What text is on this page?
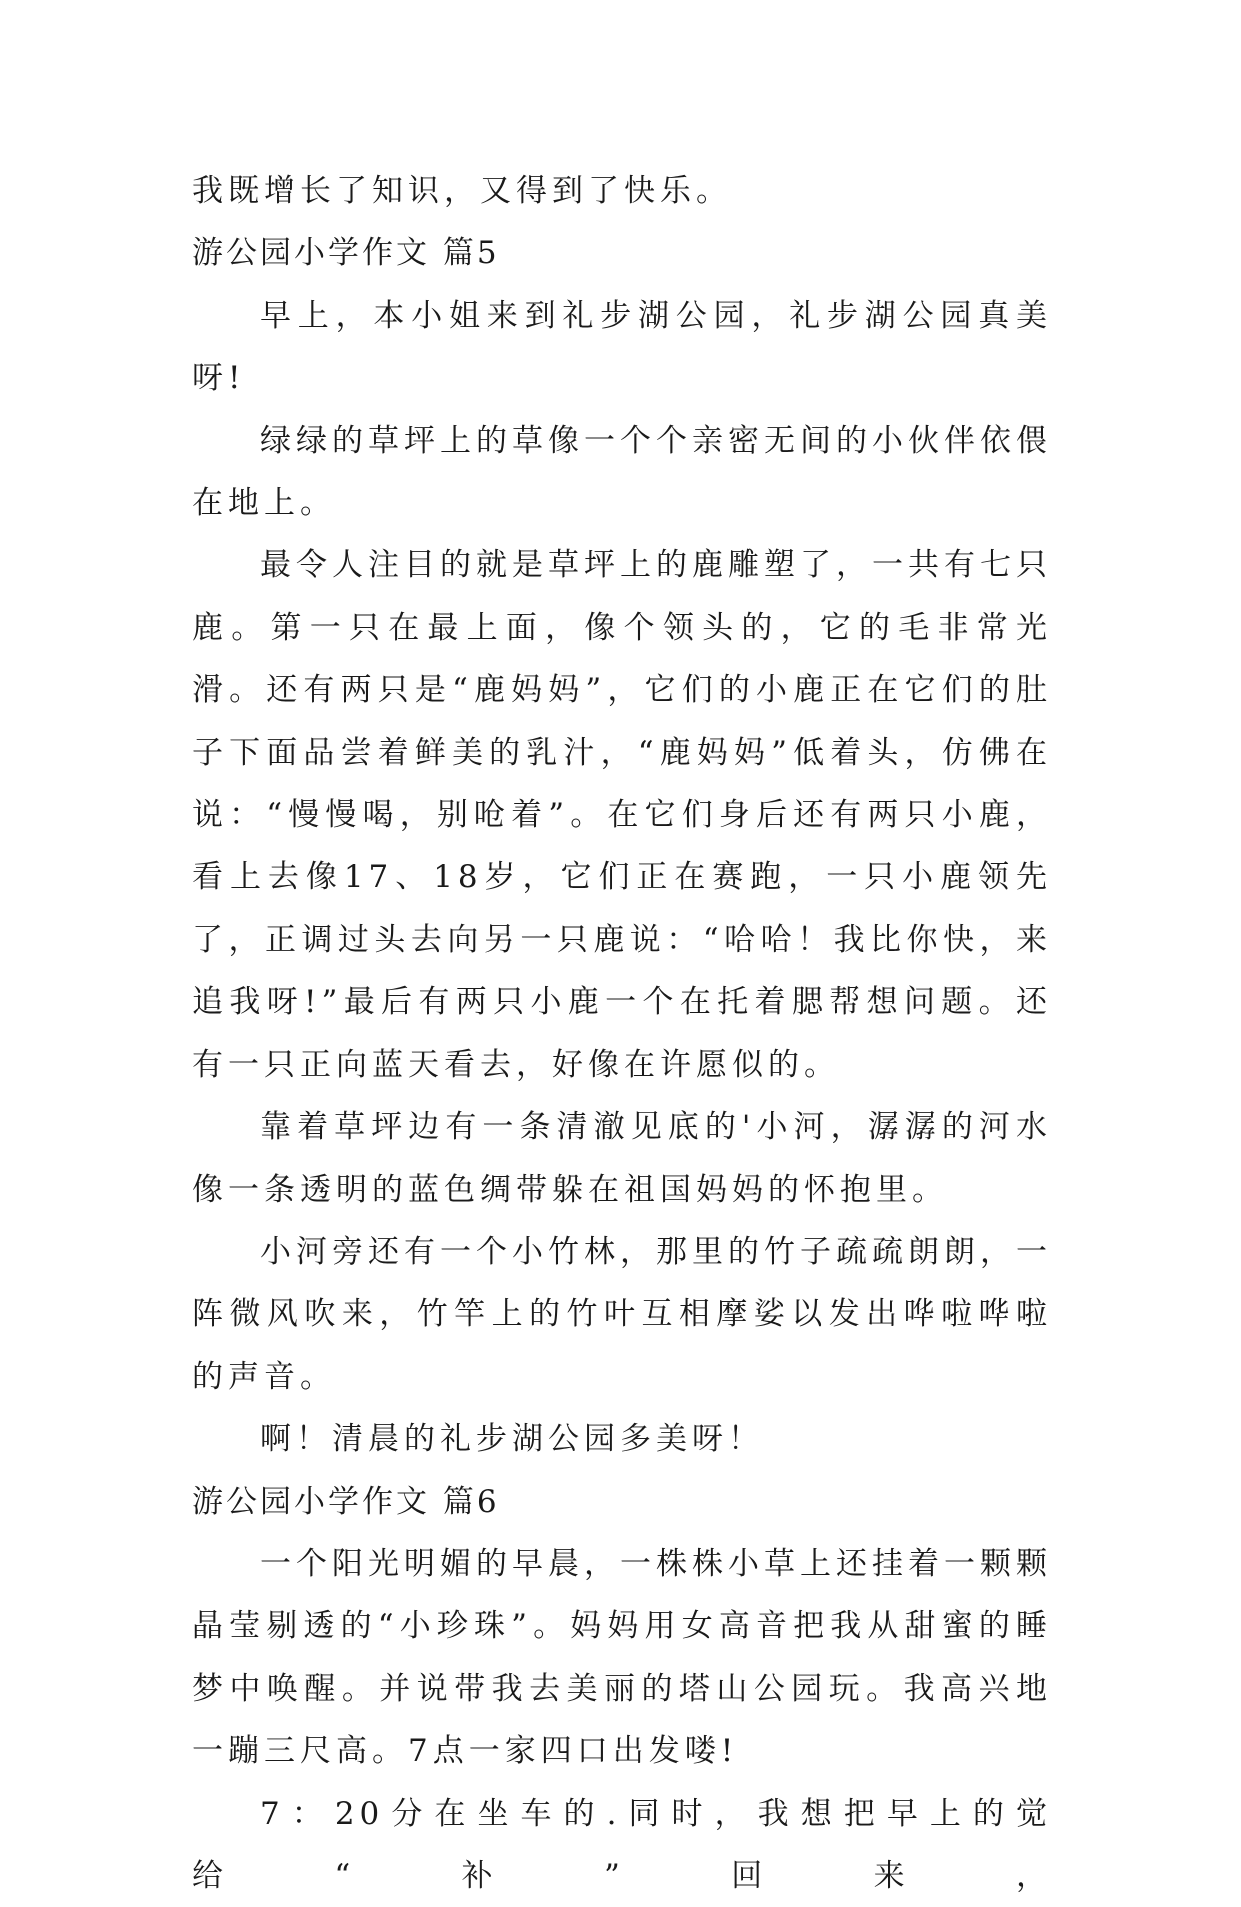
我既增长了知识，又得到了快乐。

游公园小学作文 篇5

早上，本小姐来到礼步湖公园，礼步湖公园真美呀!

绿绿的草坪上的草像一个个亲密无间的小伙伴依偎在地上。

最令人注目的就是草坪上的鹿雕塑了，一共有七只鹿。第一只在最上面，像个领头的，它的毛非常光滑。还有两只是“鹿妈妈”，它们的小鹿正在它们的肚子下面品尝着鲜美的乳汁，“鹿妈妈”低着头，仿佛在说：“慢慢喝，别呛着”。在它们身后还有两只小鹿，看上去像17、18岁，它们正在赛跑，一只小鹿领先了，正调过头去向另一只鹿说：“哈哈！我比你快，来追我呀!”最后有两只小鹿一个在托着腮帮想问题。还有一只正向蓝天看去，好像在许愿似的。

靠着草坪边有一条清澈见底的'小河，潺潺的河水像一条透明的蓝色绸带躲在祖国妈妈的怀抱里。

小河旁还有一个小竹林，那里的竹子疏疏朗朗，一阵微风吹来，竹竿上的竹叶互相摩娑以发出哗啦哗啦的声音。

啊！清晨的礼步湖公园多美呀！

游公园小学作文 篇6

一个阳光明媚的早晨，一株株小草上还挂着一颗颗晶莹剔透的“小珍珠”。妈妈用女高音把我从甜蜜的睡梦中唤醒。并说带我去美丽的塔山公园玩。我高兴地一蹦三尺高。7点一家四口出发喽!

7：20分在坐车的.同时，我想把早上的觉给“补”回来，
